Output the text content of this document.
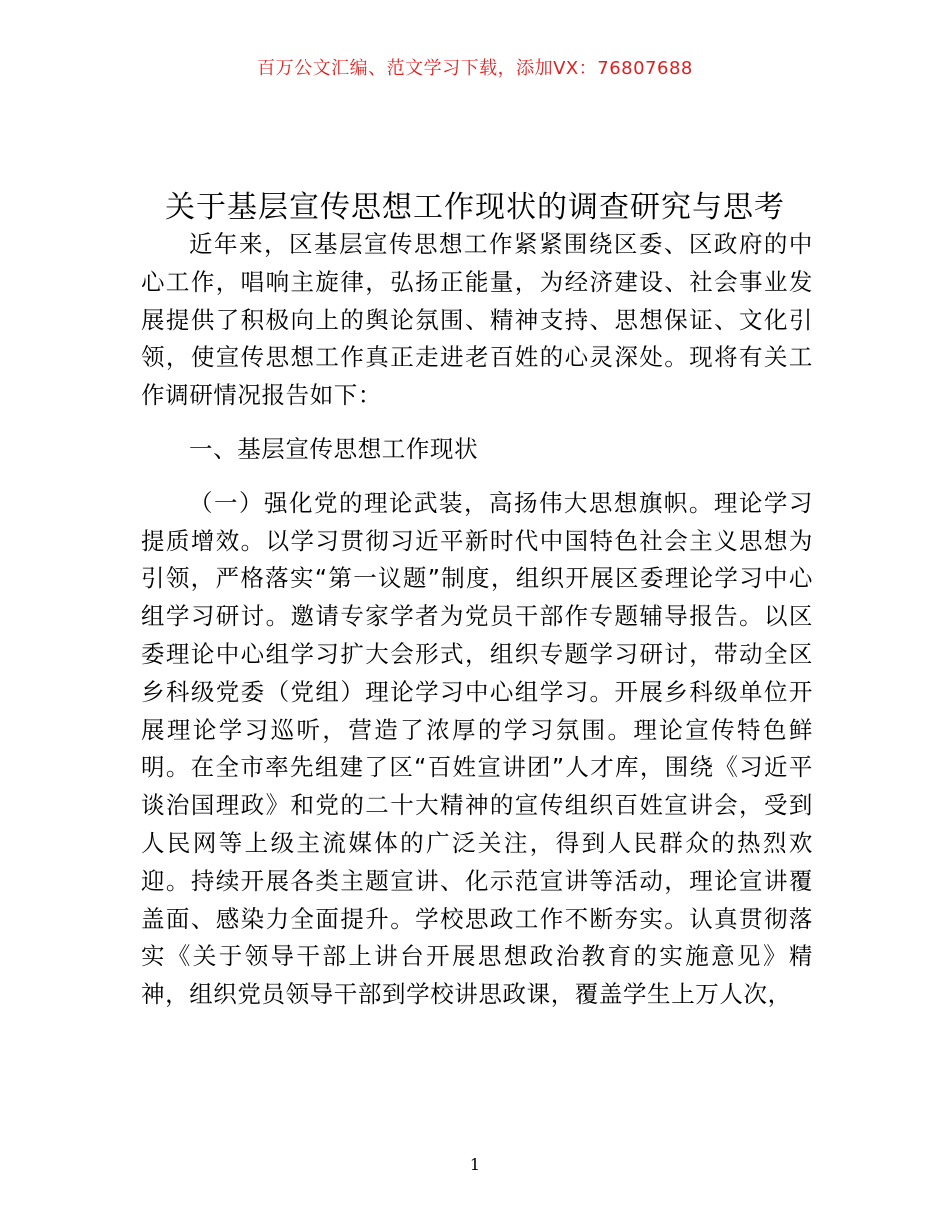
百万公文汇编、范文学习下载，添加VX：76807688
关于基层宣传思想工作现状的调查研究与思考

近年来，区基层宣传思想工作紧紧围绕区委、区政府的中心工作，唱响主旋律，弘扬正能量，为经济建设、社会事业发展提供了积极向上的舆论氛围、精神支持、思想保证、文化引领，使宣传思想工作真正走进老百姓的心灵深处。现将有关工作调研情况报告如下：

一、基层宣传思想工作现状

（一）强化党的理论武装，高扬伟大思想旗帜。理论学习提质增效。以学习贯彻习近平新时代中国特色社会主义思想为引领，严格落实“第一议题”制度，组织开展区委理论学习中心组学习研讨。邀请专家学者为党员干部作专题辅导报告。以区委理论中心组学习扩大会形式，组织专题学习研讨，带动全区乡科级党委（党组）理论学习中心组学习。开展乡科级单位开展理论学习巡听，营造了浓厚的学习氛围。理论宣传特色鲜明。在全市率先组建了区“百姓宣讲团”人才库，围绕《习近平谈治国理政》和党的二十大精神的宣传组织百姓宣讲会，受到人民网等上级主流媒体的广泛关注，得到人民群众的热烈欢迎。持续开展各类主题宣讲、化示范宣讲等活动，理论宣讲覆盖面、感染力全面提升。学校思政工作不断夯实。认真贯彻落实《关于领导干部上讲台开展思想政治教育的实施意见》精神，组织党员领导干部到学校讲思政课，覆盖学生上万人次，

1
